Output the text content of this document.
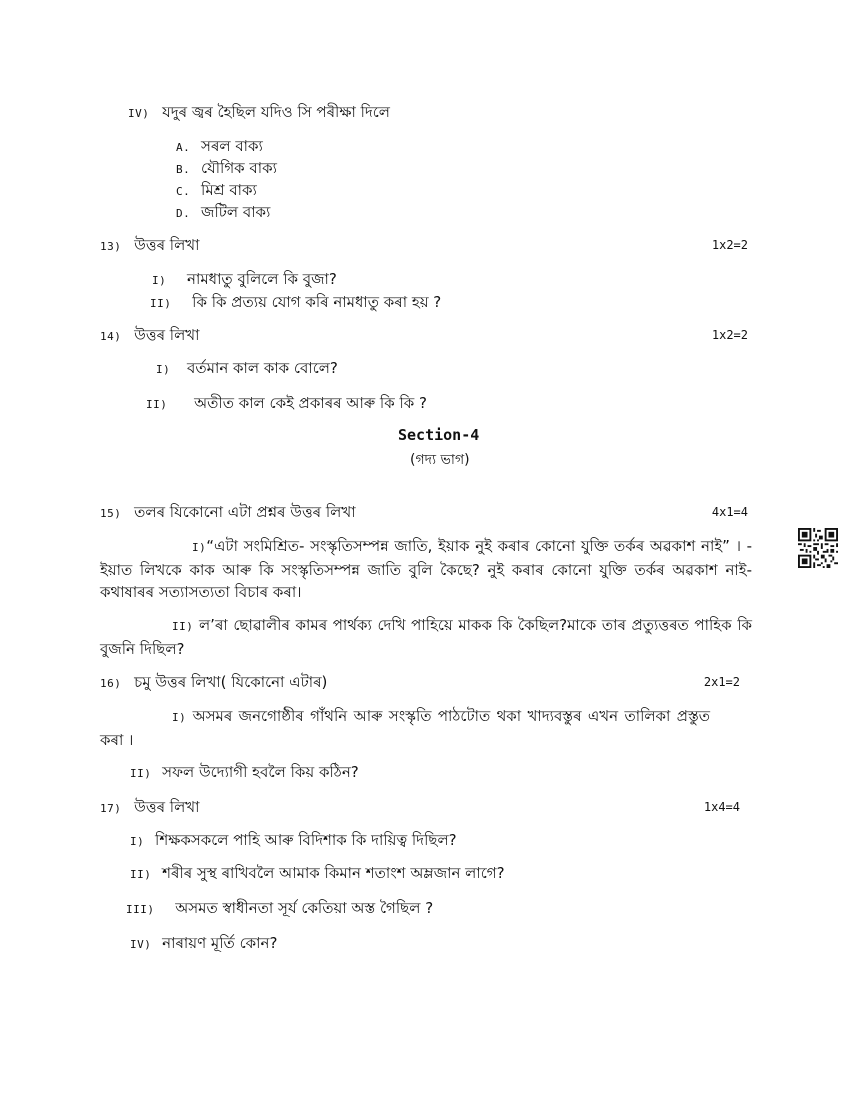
IV) যদুৰ জ্বৰ হৈছিল যদিও সি পৰীক্ষা দিলে
A. সৰল বাক্য
B. যৌগিক বাক্য
C. মিশ্ৰ বাক্য
D. জটিল বাক্য
13) উত্তৰ লিখা	1x2=2
I) নামধাতু বুলিলে কি বুজা?
II) কি কি প্ৰত্যয় যোগ কৰি নামধাতু কৰা হয় ?
14) উত্তৰ লিখা	1x2=2
I) বৰ্তমান কাল কাক বোলে?
II) অতীত কাল কেই প্ৰকাৰৰ আৰু কি কি ?
Section-4
(গদ্য ভাগ)
15) তলৰ যিকোনো এটা প্ৰশ্নৰ উত্তৰ লিখা	4x1=4
I)“এটা সংমিশ্ৰিত- সংস্কৃতিসম্পন্ন জাতি, ইয়াক নুই কৰাৰ কোনো যুক্তি তৰ্কৰ অৱকাশ নাই” । - ইয়াত লিখকে কাক আৰু কি সংস্কৃতিসম্পন্ন জাতি বুলি কৈছে? নুই কৰাৰ কোনো যুক্তি তৰ্কৰ অৱকাশ নাই- কথাষাৰৰ সত্যাসত্যতা বিচাৰ কৰা।
II) ল’ৰা ছোৱালীৰ কামৰ পাৰ্থক্য দেখি পাহিয়ে মাকক কি কৈছিল?মাকে তাৰ প্ৰত্যুত্তৰত পাহিক কি বুজনি দিছিল?
16) চমু উত্তৰ লিখা( যিকোনো এটাৰ)	2x1=2
I) অসমৰ জনগোষ্ঠীৰ গাঁথনি আৰু সংস্কৃতি পাঠটোত থকা খাদ্যবস্তুৰ এখন তালিকা প্ৰস্তুত কৰা ।
II) সফল উদ্যোগী হবলৈ কিয় কঠিন?
17) উত্তৰ লিখা	1x4=4
I) শিক্ষকসকলে পাহি আৰু বিদিশাক কি দায়িত্ব দিছিল?
II) শৰীৰ সুস্থ ৰাখিবলৈ আমাক কিমান শতাংশ অম্লজান লাগে?
III) অসমত স্বাধীনতা সূৰ্য কেতিয়া অস্ত গৈছিল ?
IV) নাৰায়ণ মূৰ্তি কোন?
